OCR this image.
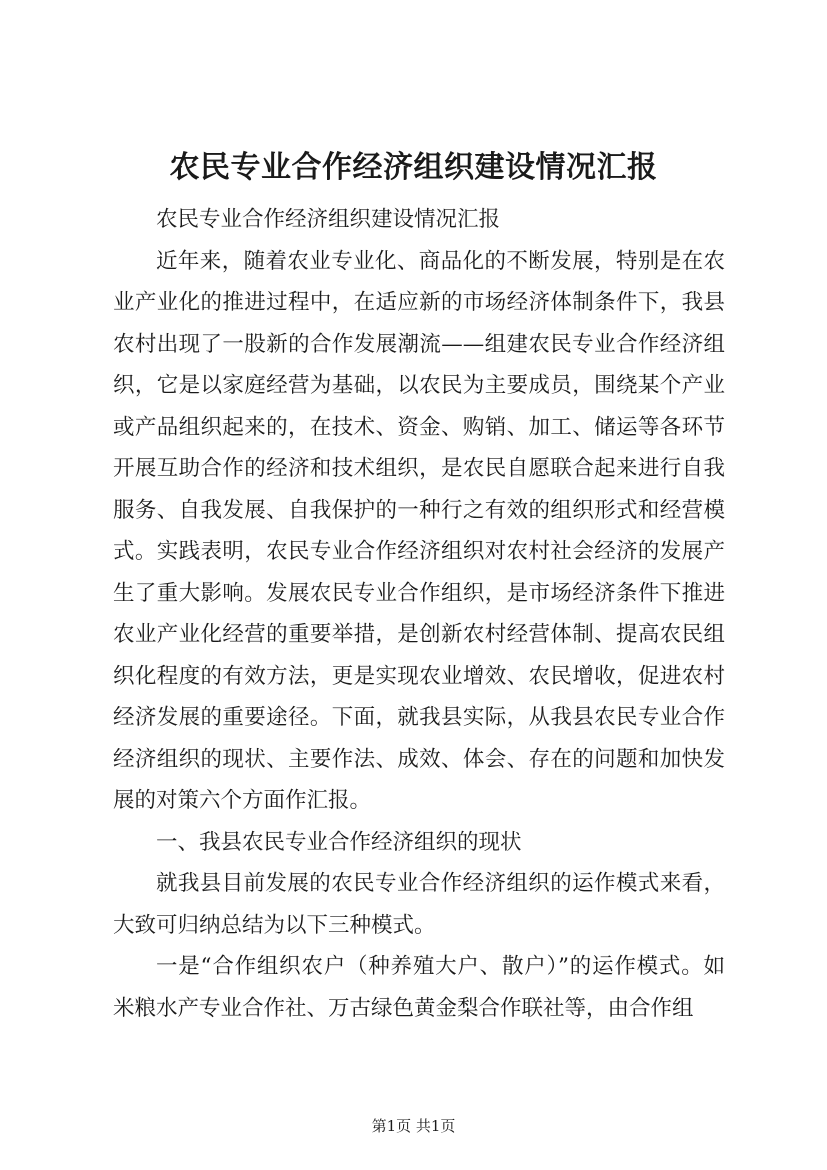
农民专业合作经济组织建设情况汇报

农民专业合作经济组织建设情况汇报

近年来，随着农业专业化、商品化的不断发展，特别是在农业产业化的推进过程中，在适应新的市场经济体制条件下，我县农村出现了一股新的合作发展潮流——组建农民专业合作经济组织，它是以家庭经营为基础，以农民为主要成员，围绕某个产业或产品组织起来的，在技术、资金、购销、加工、储运等各环节开展互助合作的经济和技术组织，是农民自愿联合起来进行自我服务、自我发展、自我保护的一种行之有效的组织形式和经营模式。实践表明，农民专业合作经济组织对农村社会经济的发展产生了重大影响。发展农民专业合作组织，是市场经济条件下推进农业产业化经营的重要举措，是创新农村经营体制、提高农民组织化程度的有效方法，更是实现农业增效、农民增收，促进农村经济发展的重要途径。下面，就我县实际，从我县农民专业合作经济组织的现状、主要作法、成效、体会、存在的问题和加快发展的对策六个方面作汇报。

一、我县农民专业合作经济组织的现状

就我县目前发展的农民专业合作经济组织的运作模式来看，大致可归纳总结为以下三种模式。

一是“合作组织农户（种养殖大户、散户）”的运作模式。如米粮水产专业合作社、万古绿色黄金梨合作联社等，由合作组

第1页 共1页
